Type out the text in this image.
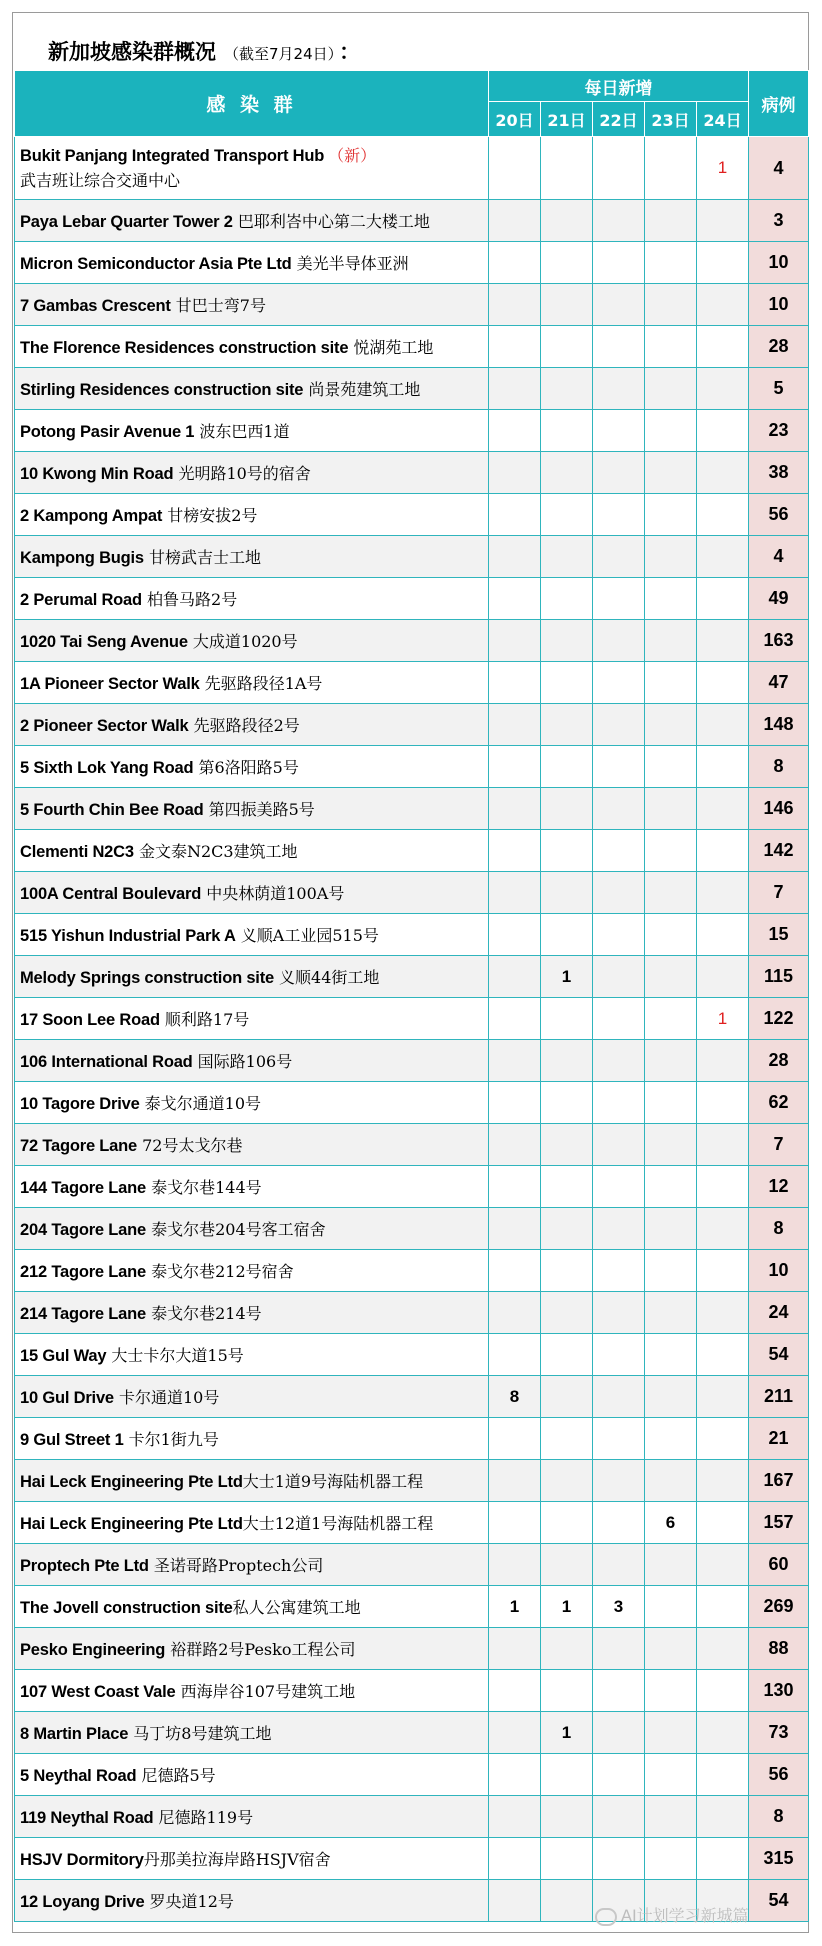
新加坡感染群概况 （截至7月24日） ：
感 染 群	每日新增					病例
	20日	21日	22日	23日	24日	

Bukit Panjang Integrated Transport Hub （新）
武吉班让综合交通中心					1	4
Paya Lebar Quarter Tower 2 巴耶利峇中心第二大楼工地						3
Micron Semiconductor Asia Pte Ltd 美光半导体亚洲						10
7 Gambas Crescent 甘巴士弯7号						10
The Florence Residences construction site 悦湖苑工地						28
Stirling Residences construction site 尚景苑建筑工地						5
Potong Pasir Avenue 1 波东巴西1道						23
10 Kwong Min Road 光明路10号的宿舍						38
2 Kampong Ampat 甘榜安拔2号						56
Kampong Bugis 甘榜武吉士工地						4
2 Perumal Road 柏鲁马路2号						49
1020 Tai Seng Avenue 大成道1020号						163
1A Pioneer Sector Walk 先驱路段径1A号						47
2 Pioneer Sector Walk 先驱路段径2号						148
5 Sixth Lok Yang Road 第6洛阳路5号						8
5 Fourth Chin Bee Road 第四振美路5号						146
Clementi N2C3 金文泰N2C3建筑工地						142
100A Central Boulevard 中央林荫道100A号						7
515 Yishun Industrial Park A 义顺A工业园515号						15
Melody Springs construction site 义顺44街工地		1				115
17 Soon Lee Road 顺利路17号					1	122
106 International Road 国际路106号						28
10 Tagore Drive 泰戈尔通道10号						62
72 Tagore Lane 72号太戈尔巷						7
144 Tagore Lane 泰戈尔巷144号						12
204 Tagore Lane 泰戈尔巷204号客工宿舍						8
212 Tagore Lane 泰戈尔巷212号宿舍						10
214 Tagore Lane 泰戈尔巷214号						24
15 Gul Way 大士卡尔大道15号						54
10 Gul Drive 卡尔通道10号	8					211
9 Gul Street 1 卡尔1街九号						21
Hai Leck Engineering Pte Ltd大士1道9号海陆机器工程						167
Hai Leck Engineering Pte Ltd大士12道1号海陆机器工程				6		157
Proptech Pte Ltd 圣诺哥路Proptech公司						60
The Jovell construction site私人公寓建筑工地	1	1	3			269
Pesko Engineering 裕群路2号Pesko工程公司						88
107 West Coast Vale 西海岸谷107号建筑工地						130
8 Martin Place 马丁坊8号建筑工地		1				73
5 Neythal Road 尼德路5号						56
119 Neythal Road 尼德路119号						8
HSJV Dormitory丹那美拉海岸路HSJV宿舍						315
12 Loyang Drive 罗央道12号						54
AI计划学习新城篇
